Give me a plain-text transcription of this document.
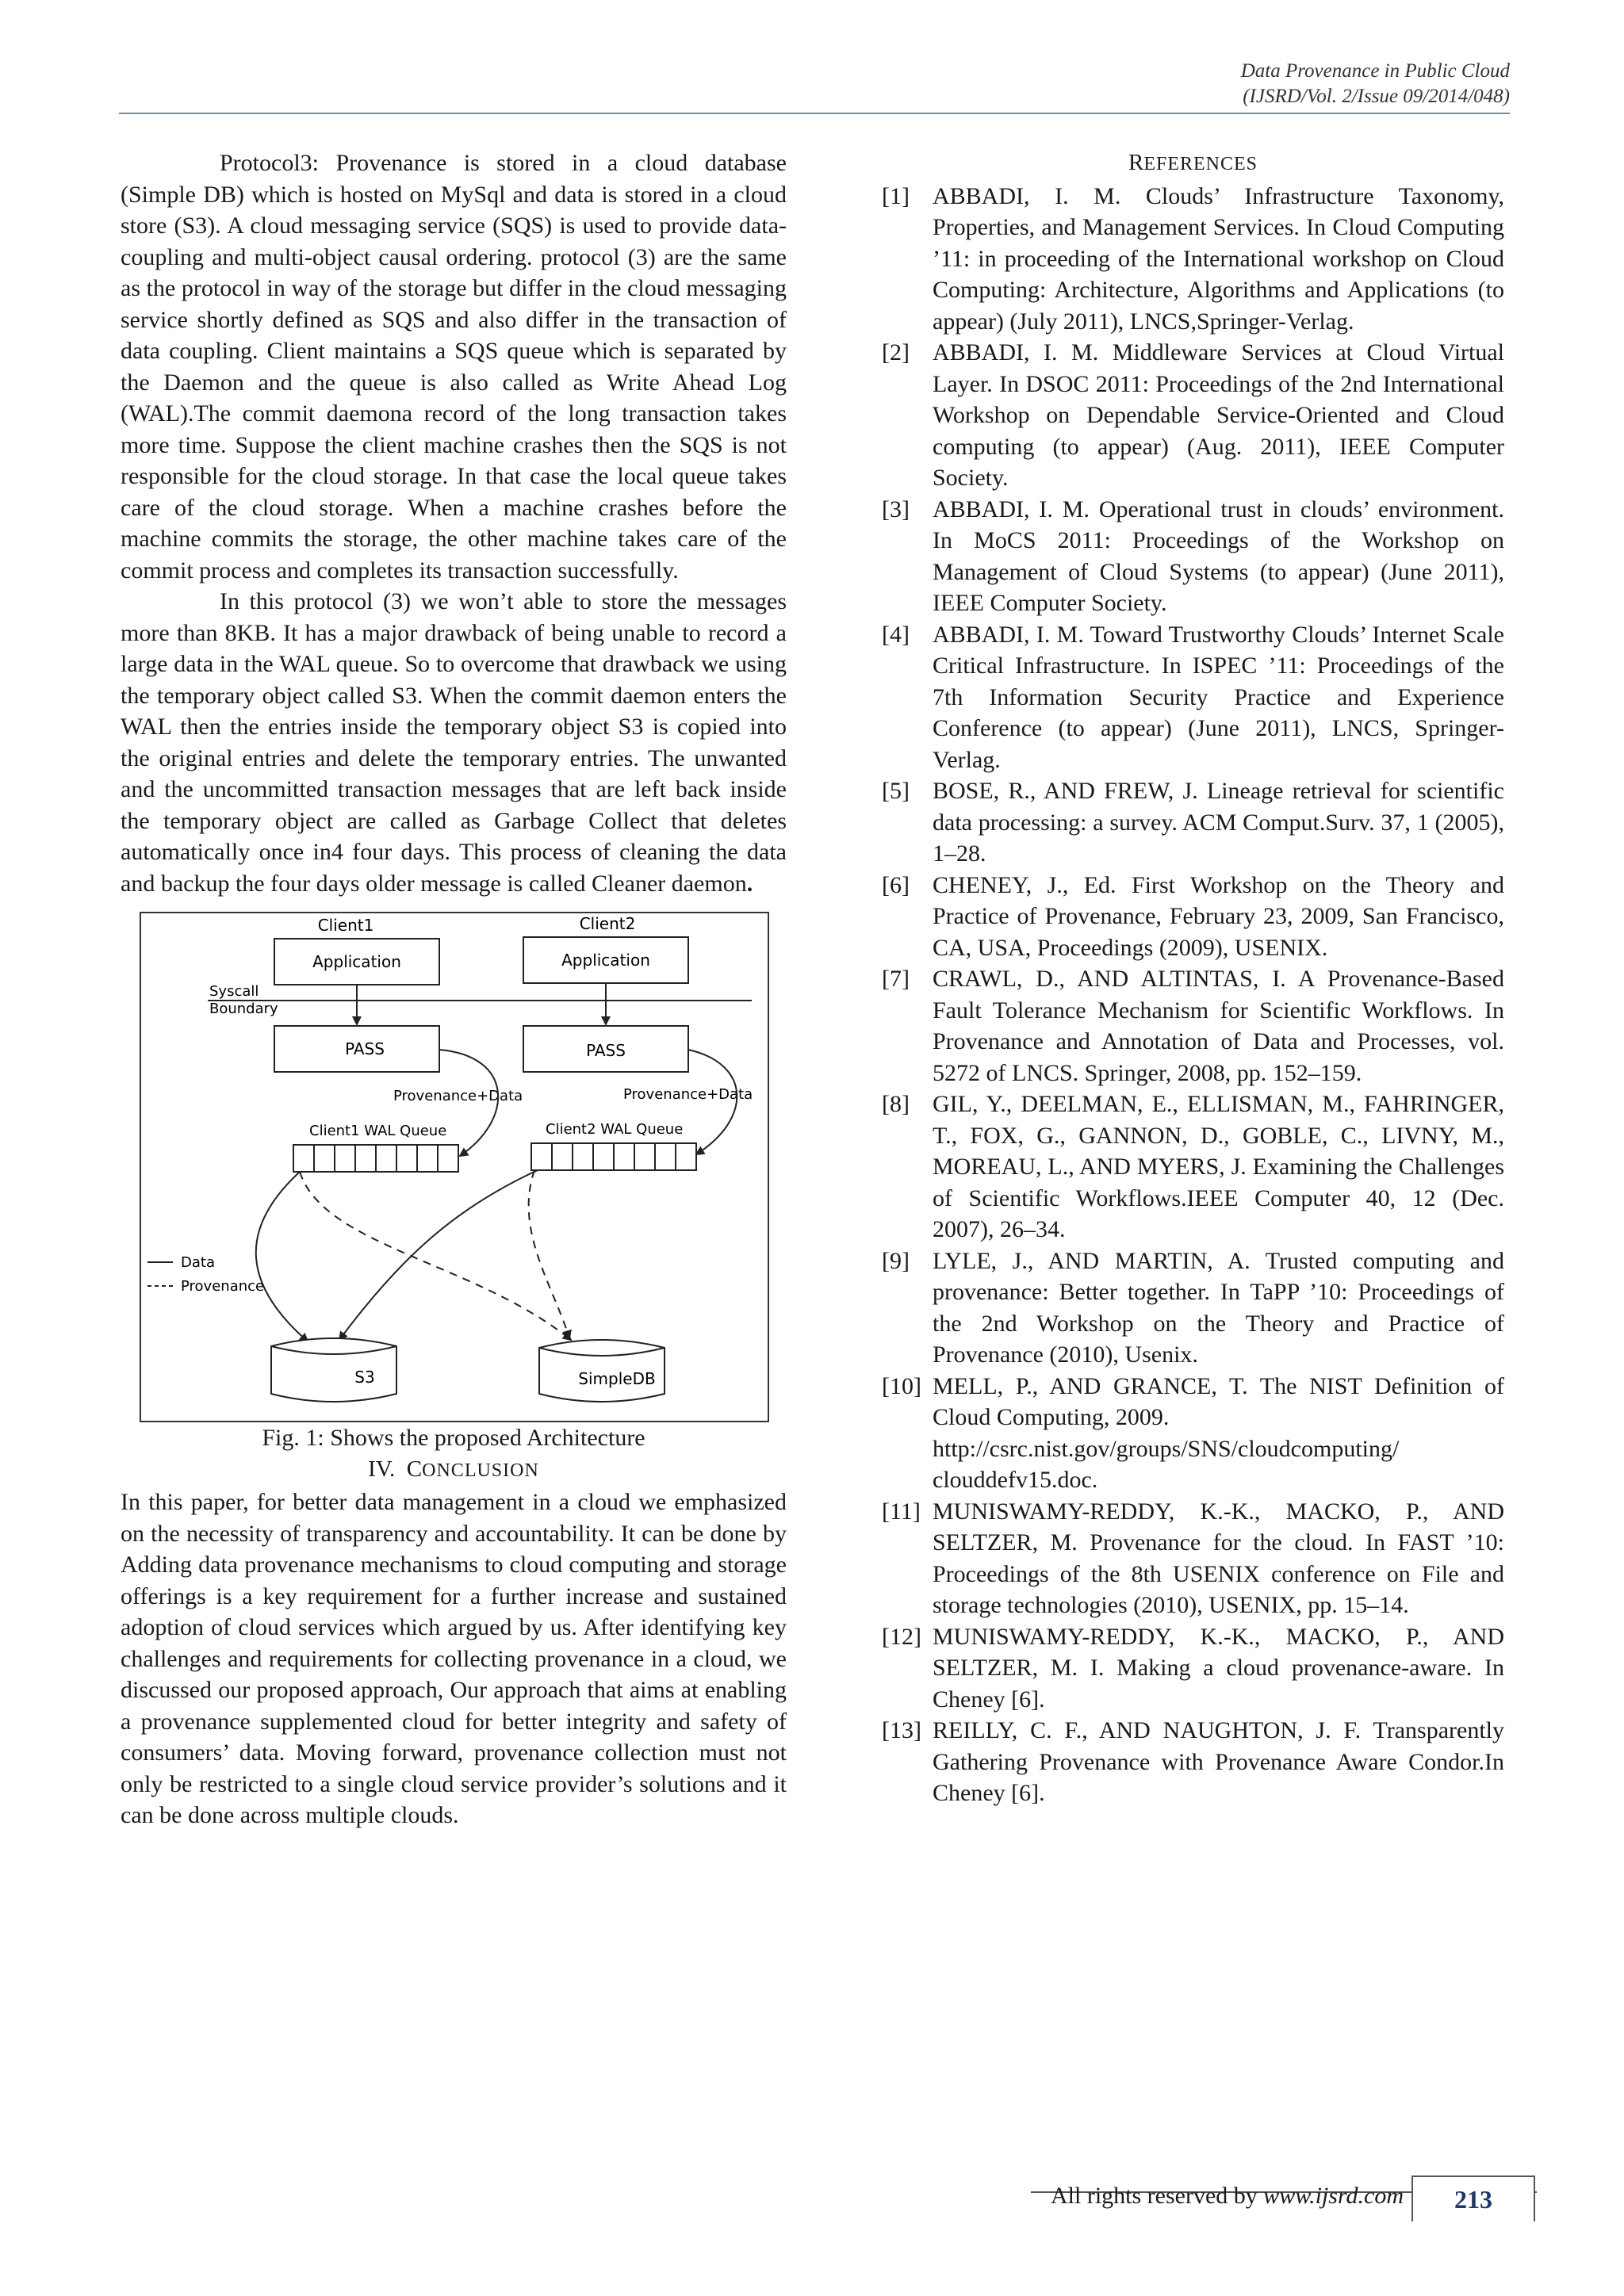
Data Provenance in Public Cloud
(IJSRD/Vol. 2/Issue 09/2014/048)

Protocol3: Provenance is stored in a cloud database (Simple DB) which is hosted on MySql and data is stored in a cloud store (S3). A cloud messaging service (SQS) is used to provide data-coupling and multi-object causal ordering. protocol (3) are the same as the protocol in way of the storage but differ in the cloud messaging service shortly defined as SQS and also differ in the transaction of data coupling. Client maintains a SQS queue which is separated by the Daemon and the queue is also called as Write Ahead Log (WAL).The commit daemona record of the long transaction takes more time. Suppose the client machine crashes then the SQS is not responsible for the cloud storage. In that case the local queue takes care of the cloud storage. When a machine crashes before the machine commits the storage, the other machine takes care of the commit process and completes its transaction successfully.

In this protocol (3) we won’t able to store the messages more than 8KB. It has a major drawback of being unable to record a large data in the WAL queue. So to overcome that drawback we using the temporary object called S3. When the commit daemon enters the WAL then the entries inside the temporary object S3 is copied into the original entries and delete the temporary entries. The unwanted and the uncommitted transaction messages that are left back inside the temporary object are called as Garbage Collect that deletes automatically once in4 four days. This process of cleaning the data and backup the four days older message is called Cleaner daemon.

Client1	Client2
Application	Application
Syscall
Boundary
PASS	PASS
Provenance+Data	Provenance+Data
Client1 WAL Queue	Client2 WAL Queue
Data
Provenance
S3	SimpleDB

Fig. 1: Shows the proposed Architecture

IV. CONCLUSION

In this paper, for better data management in a cloud we emphasized on the necessity of transparency and accountability. It can be done by Adding data provenance mechanisms to cloud computing and storage offerings is a key requirement for a further increase and sustained adoption of cloud services which argued by us. After identifying key challenges and requirements for collecting provenance in a cloud, we discussed our proposed approach, Our approach that aims at enabling a provenance supplemented cloud for better integrity and safety of consumers’ data. Moving forward, provenance collection must not only be restricted to a single cloud service provider’s solutions and it can be done across multiple clouds.

REFERENCES

[1] ABBADI, I. M. Clouds’ Infrastructure Taxonomy, Properties, and Management Services. In Cloud Computing ’11: in proceeding of the International workshop on Cloud Computing: Architecture, Algorithms and Applications (to appear) (July 2011), LNCS,Springer-Verlag.
[2] ABBADI, I. M. Middleware Services at Cloud Virtual Layer. In DSOC 2011: Proceedings of the 2nd International Workshop on Dependable Service-Oriented and Cloud computing (to appear) (Aug. 2011), IEEE Computer Society.
[3] ABBADI, I. M. Operational trust in clouds’ environment. In MoCS 2011: Proceedings of the Workshop on Management of Cloud Systems (to appear) (June 2011), IEEE Computer Society.
[4] ABBADI, I. M. Toward Trustworthy Clouds’ Internet Scale Critical Infrastructure. In ISPEC ’11: Proceedings of the 7th Information Security Practice and Experience Conference (to appear) (June 2011), LNCS, Springer-Verlag.
[5] BOSE, R., AND FREW, J. Lineage retrieval for scientific data processing: a survey. ACM Comput.Surv. 37, 1 (2005), 1–28.
[6] CHENEY, J., Ed. First Workshop on the Theory and Practice of Provenance, February 23, 2009, San Francisco, CA, USA, Proceedings (2009), USENIX.
[7] CRAWL, D., AND ALTINTAS, I. A Provenance-Based Fault Tolerance Mechanism for Scientific Workflows. In Provenance and Annotation of Data and Processes, vol. 5272 of LNCS. Springer, 2008, pp. 152–159.
[8] GIL, Y., DEELMAN, E., ELLISMAN, M., FAHRINGER, T., FOX, G., GANNON, D., GOBLE, C., LIVNY, M., MOREAU, L., AND MYERS, J. Examining the Challenges of Scientific Workflows.IEEE Computer 40, 12 (Dec. 2007), 26–34.
[9] LYLE, J., AND MARTIN, A. Trusted computing and provenance: Better together. In TaPP ’10: Proceedings of the 2nd Workshop on the Theory and Practice of Provenance (2010), Usenix.
[10] MELL, P., AND GRANCE, T. The NIST Definition of Cloud Computing, 2009.
http://csrc.nist.gov/groups/SNS/cloudcomputing/ clouddefv15.doc.
[11] MUNISWAMY-REDDY, K.-K., MACKO, P., AND SELTZER, M. Provenance for the cloud. In FAST ’10: Proceedings of the 8th USENIX conference on File and storage technologies (2010), USENIX, pp. 15–14.
[12] MUNISWAMY-REDDY, K.-K., MACKO, P., AND SELTZER, M. I. Making a cloud provenance-aware. In Cheney [6].
[13] REILLY, C. F., AND NAUGHTON, J. F. Transparently Gathering Provenance with Provenance Aware Condor.In Cheney [6].
All rights reserved by www.ijsrd.com	213
